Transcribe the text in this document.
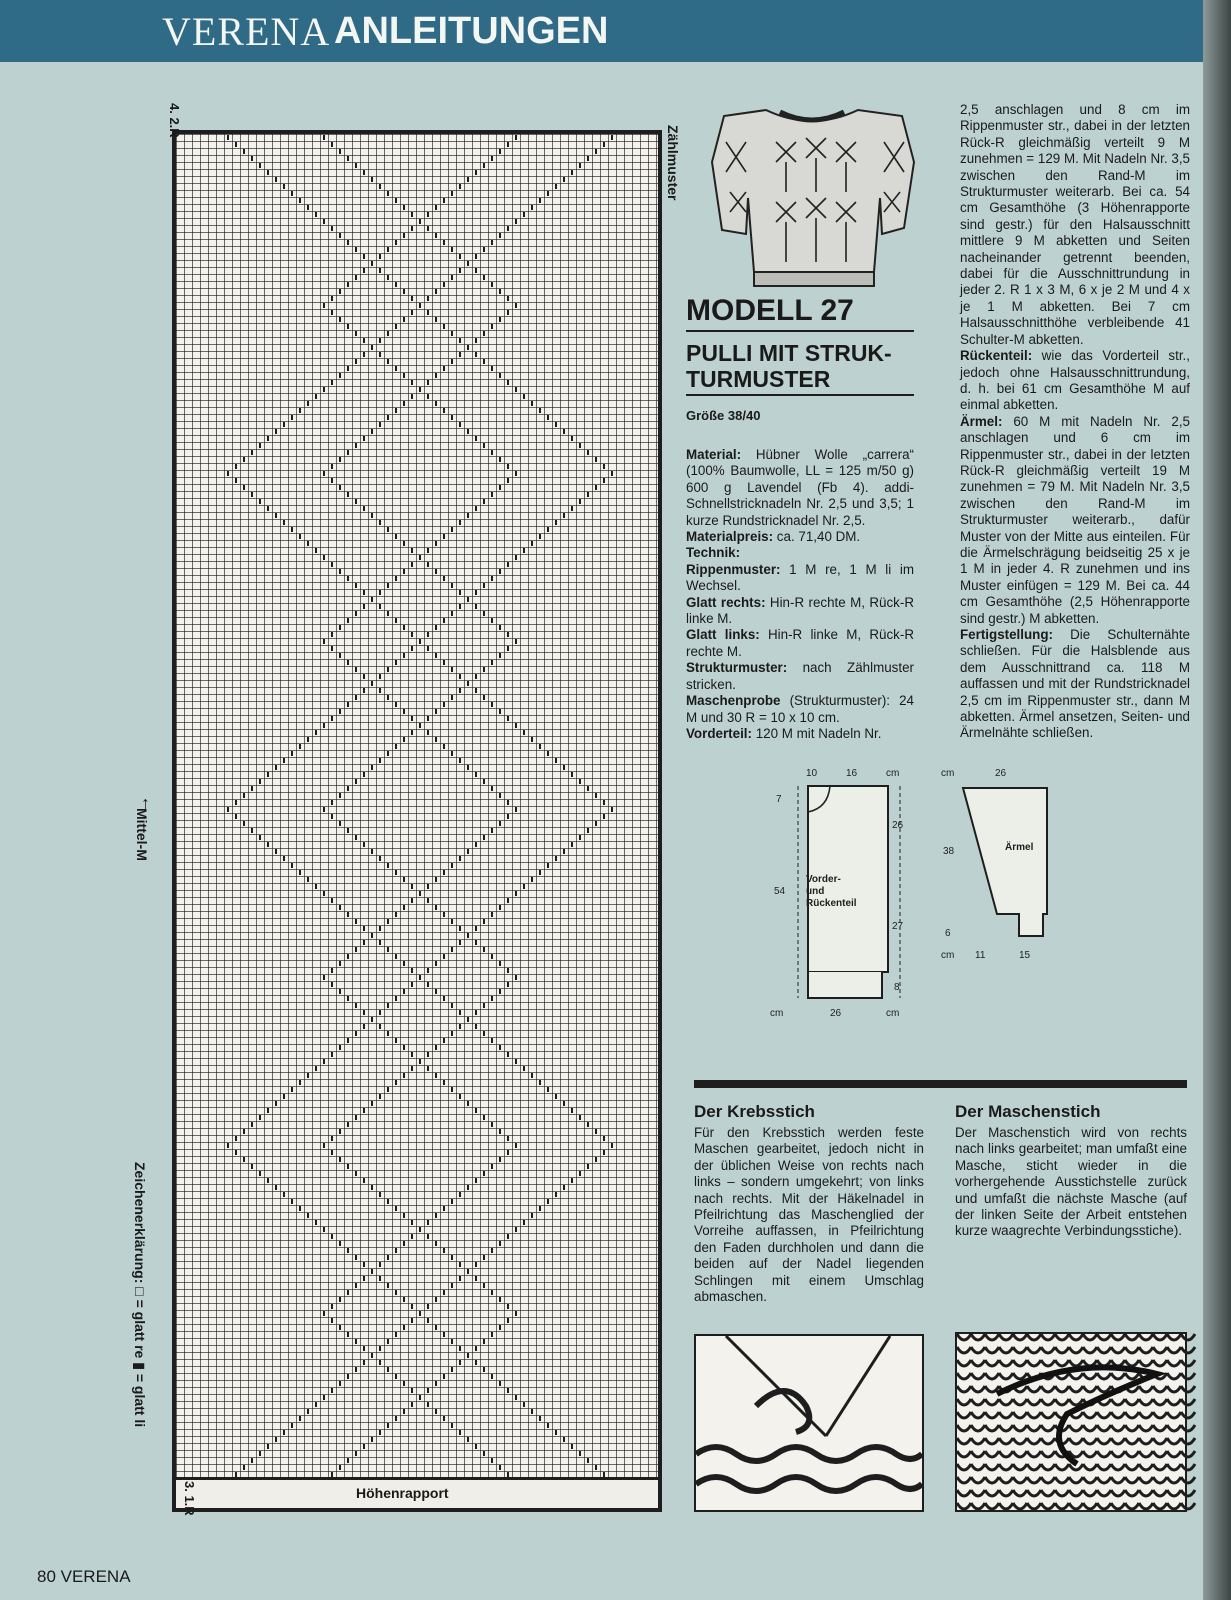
VERENA ANLEITUNGEN
Höhenrapport
4. 2.R
3. 1.R
Zählmuster
↑
Mittel-M
Zeichenerklärung: □ = glatt re ▮ = glatt li
MODELL 27
PULLI MIT STRUK-
TURMUSTER
Größe 38/40
Material: Hübner Wolle „carrera“ (100% Baumwolle, LL = 125 m/50 g) 600 g Lavendel (Fb 4). addi-Schnellstricknadeln Nr. 2,5 und 3,5; 1 kurze Rundstricknadel Nr. 2,5.
Materialpreis: ca. 71,40 DM.
Technik:
Rippenmuster: 1 M re, 1 M li im Wechsel.
Glatt rechts: Hin-R rechte M, Rück-R linke M.
Glatt links: Hin-R linke M, Rück-R rechte M.
Strukturmuster: nach Zählmuster stricken.
Maschenprobe (Strukturmuster): 24 M und 30 R = 10 x 10 cm.
Vorderteil: 120 M mit Nadeln Nr.
2,5 anschlagen und 8 cm im Rippenmuster str., dabei in der letzten Rück-R gleichmäßig verteilt 9 M zunehmen = 129 M. Mit Nadeln Nr. 3,5 zwischen den Rand-M im Strukturmuster weiterarb. Bei ca. 54 cm Gesamthöhe (3 Höhenrapporte sind gestr.) für den Halsausschnitt mittlere 9 M abketten und Seiten nacheinander getrennt beenden, dabei für die Ausschnittrundung in jeder 2. R 1 x 3 M, 6 x je 2 M und 4 x je 1 M abketten. Bei 7 cm Halsausschnitthöhe verbleibende 41 Schulter-M abketten.
Rückenteil: wie das Vorderteil str., jedoch ohne Halsausschnittrundung, d. h. bei 61 cm Gesamthöhe M auf einmal abketten.
Ärmel: 60 M mit Nadeln Nr. 2,5 anschlagen und 6 cm im Rippenmuster str., dabei in der letzten Rück-R gleichmäßig verteilt 19 M zunehmen = 79 M. Mit Nadeln Nr. 3,5 zwischen den Rand-M im Strukturmuster weiterarb., dafür Muster von der Mitte aus einteilen. Für die Ärmelschrägung beidseitig 25 x je 1 M in jeder 4. R zunehmen und ins Muster einfügen = 129 M. Bei ca. 44 cm Gesamthöhe (2,5 Höhenrapporte sind gestr.) M abketten.
Fertigstellung: Die Schulternähte schließen. Für die Halsblende aus dem Ausschnittrand ca. 118 M auffassen und mit der Rundstricknadel 2,5 cm im Rippenmuster str., dann M abketten. Ärmel ansetzen, Seiten- und Ärmelnähte schließen.
10	16	cm
7
54
26
27
8
cm	26	cm
Vorder-
und
Rückenteil
cm	26
38
6
cm 11	15
Ärmel
Der Krebsstich
Für den Krebsstich werden feste Maschen gearbeitet, jedoch nicht in der üblichen Weise von rechts nach links – sondern umgekehrt; von links nach rechts. Mit der Häkelnadel in Pfeilrichtung das Maschenglied der Vorreihe auffassen, in Pfeilrichtung den Faden durchholen und dann die beiden auf der Nadel liegenden Schlingen mit einem Umschlag abmaschen.
Der Maschenstich
Der Maschenstich wird von rechts nach links gearbeitet; man umfaßt eine Masche, sticht wieder in die vorhergehende Ausstichstelle zurück und umfaßt die nächste Masche (auf der linken Seite der Arbeit entstehen kurze waagrechte Verbindungsstiche).
80 VERENA
